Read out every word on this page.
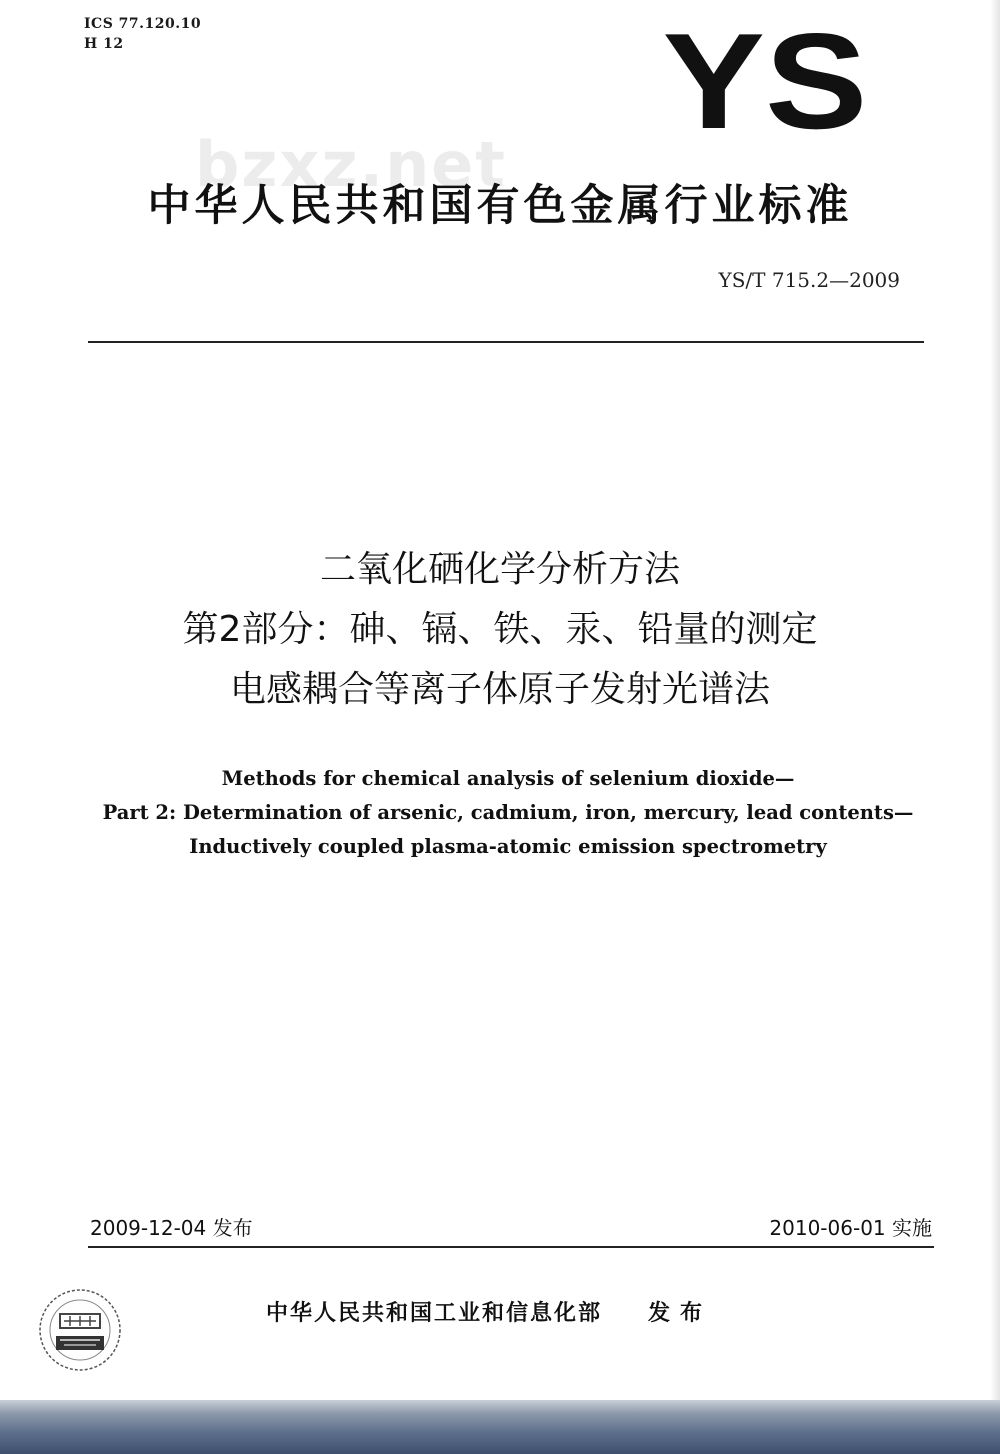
ICS 77.120.10
H 12	YS
bzxz.net
中华人民共和国有色金属行业标准
YS/T 715.2—2009
二氧化硒化学分析方法
第2部分：砷、镉、铁、汞、铅量的测定
电感耦合等离子体原子发射光谱法
Methods for chemical analysis of selenium dioxide—
Part 2: Determination of arsenic, cadmium, iron, mercury, lead contents—
Inductively coupled plasma-atomic emission spectrometry
2009-12-04 发布	2010-06-01 实施
中华人民共和国工业和信息化部 发布
